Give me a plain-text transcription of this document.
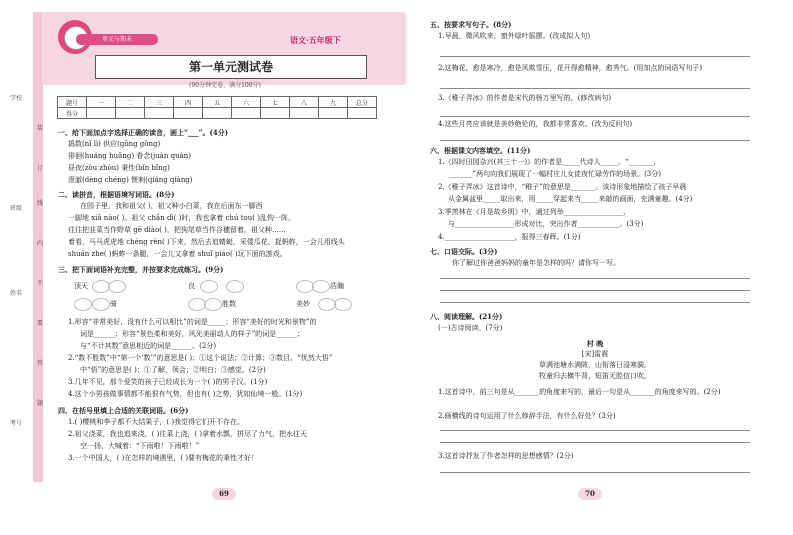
学校
班级
姓名
考号
装
订
线
内
不
要
答
题
单元与期末	语文·五年级下
第一单元测试卷
(90分钟完卷，满分100分)
题号	一	二	三	四	五	六	七	八	九	总分
得分										
一、给下面加点字选择正确的读音，画上“___”。(4分)
捣数(nǐ lì) 供应(gōng gǒng)
徘徊(huáng huǎng) 眷念(juàn quàn)
昼夜(zòu zhòu) 秉性(bǐn bǐng)
澄澈(dèng chéng) 惬刺(qiáng qiàng)
二、读拼音，根据语境写词语。(8分)
在园子里，我和祖父( )，祖父种小白菜，我在后面东一脚西
一脚地 xiǎ nào( )。祖父 chǎn dì( )时，我也拿着 chú tou( )乱钩一阵。
往往把韭菜当作野草 gē diào( )，把狗尾草当作谷穗留着。祖父种……
着看，马马虎虎地 chéng rèn( )下来，然后去追蜻蜓，采倭瓜花，捉蚂蚱，一会儿用线头
shuān zhe( )蚂蚱一条腿，一会儿又拿着 shuǐ piáo( )玩下面的游戏。
三、把下面词语补充完整，并按要求完成练习。(9分)
顶天	良	浩瀚
骑	胜数	美妙
1.形容“非常美好，没有什么可以相比”的词是_____；形容“美好的时光和景物”的
词是______；形容“景色柔和美好，风光美丽动人的样子”的词是______；
与“不计其数”意思相近的词是______。(2分)
2.“数不胜数”中“第一个‘数’”的意思是( )；①这个说法；②计算；③数目。“忧然大悟”
中“悟”的意思是( )；①了解，领会；②明白；③感觉。(2分)
3.几年不见，那个爱笑的孩子已经成长为一个( )的男子汉。(1分)
4.这个小男孩做事情都不能很有气势，但也有( )之势，犹如仙境一般。(1分)
四、在括号里填上合适的关联词语。(6分)
1.( )樱桃和李子都不大结果子，( )我觉得它们开不存在。
2.祖父浇菜，我也追来浇，( )往菜上浇，( )拿着水瓢，拼尽了力气，把水往天
空一扬，大喊着：“下雨啦！下雨啦！”
3.一个中国人，( )在怎样的境遇里，( )要有梅花的秉性才好！
69
五、按要求写句子。(8分)
1.早晨，微风吹来，窗外绿叶摇摆。(改成拟人句)
2.这梅花，愈是寒冷，愈是风欺雪压，花开得愈精神，愈秀气。(用加点的词语写句子)
3.《稚子弄冰》的作者是宋代的杨万里写的。(修改病句)
4.这些月亮应该就是美妙绝伦的，我都非常喜欢。(改为反问句)
六、根据课文内容填空。(11分)
1.《四时田园杂兴(其三十一)》的作者是_____代诗人_____。“_______，
_______”两句向我们展现了一幅村庄儿女徒夜忙碌劳作的场景。(3分)
2.《稚子弄冰》这首诗中，“稚子”的意思是_______。该诗形象地描绘了孩子早晨
从金属盆里_____取出来，用_____穿起来当_____来敲的画面，充满童趣。(4分)
3.季羡林在《月是故乡明》中，通过列举_________________，
与_________________形成对比，突出作者____________。(3分)
4.____________________，报得三春晖。(1分)
七、口语交际。(3分)
你了解过你爸爸妈妈的童年是怎样的吗？请你写一写。
八、阅读理解。(21分)
(一)古诗阅读。(7分)
村 晚
[宋]雷震
草满池塘水满陂，山衔落日浸寒漪。
牧童归去横牛背，短笛无腔信口吹。
1.这首诗中，前三句是从_______的角度来写的，最后一句是从_______的角度来写的。(2分)
2.画横线的诗句运用了什么修辞手法，有什么好处？(3分)
3.这首诗抒发了作者怎样的思想感情？(2分)
70
